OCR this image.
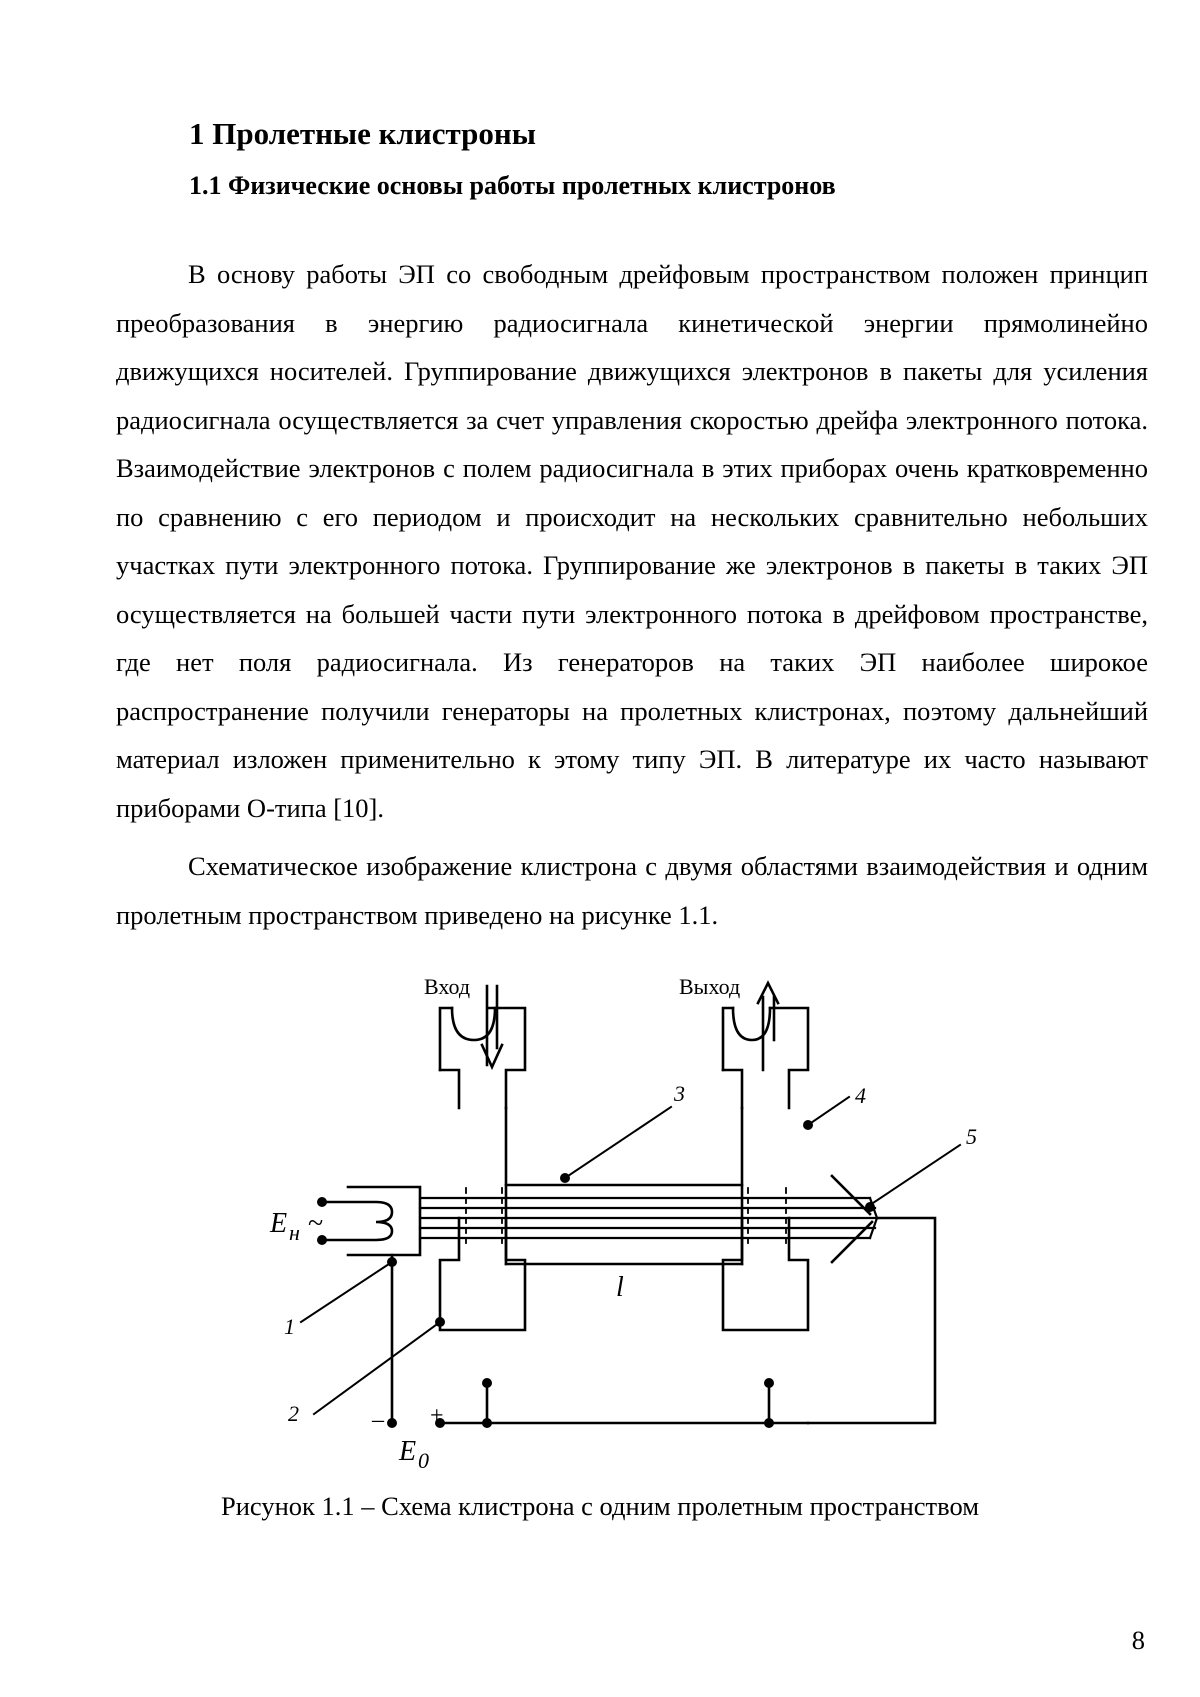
1 Пролетные клистроны
1.1 Физические основы работы пролетных клистронов

В основу работы ЭП со свободным дрейфовым пространством положен прин­цип преобразования в энергию радиосигнала кинетической энергии прямолинейно движущихся носителей. Группирование движущихся электронов в пакеты для уси­ления радиосигнала осуществляется за счет управления скоростью дрейфа элек­тронного потока. Взаимодействие электронов с полем радиосигнала в этих приборах очень кратковременно по сравнению с его периодом и происходит на нескольких сравнительно небольших участках пути электронного потока. Группирование же электронов в пакеты в таких ЭП осуществляется на большей части пути электронно­го потока в дрейфовом пространстве, где нет поля радиосигнала. Из генераторов на таких ЭП наиболее широкое распространение получили генераторы на пролетных клистронах, поэтому дальнейший материал изложен применительно к этому типу ЭП. В литературе их часто называют приборами О-типа [10].

Схематическое изображение клистрона с двумя областями взаимодействия и одним пролетным пространством приведено на рисунке 1.1.

Вход	Выход
E н ~
E 0
– +
l
1
2
3	4
5

Рисунок 1.1 – Схема клистрона с одним пролетным пространством

8
